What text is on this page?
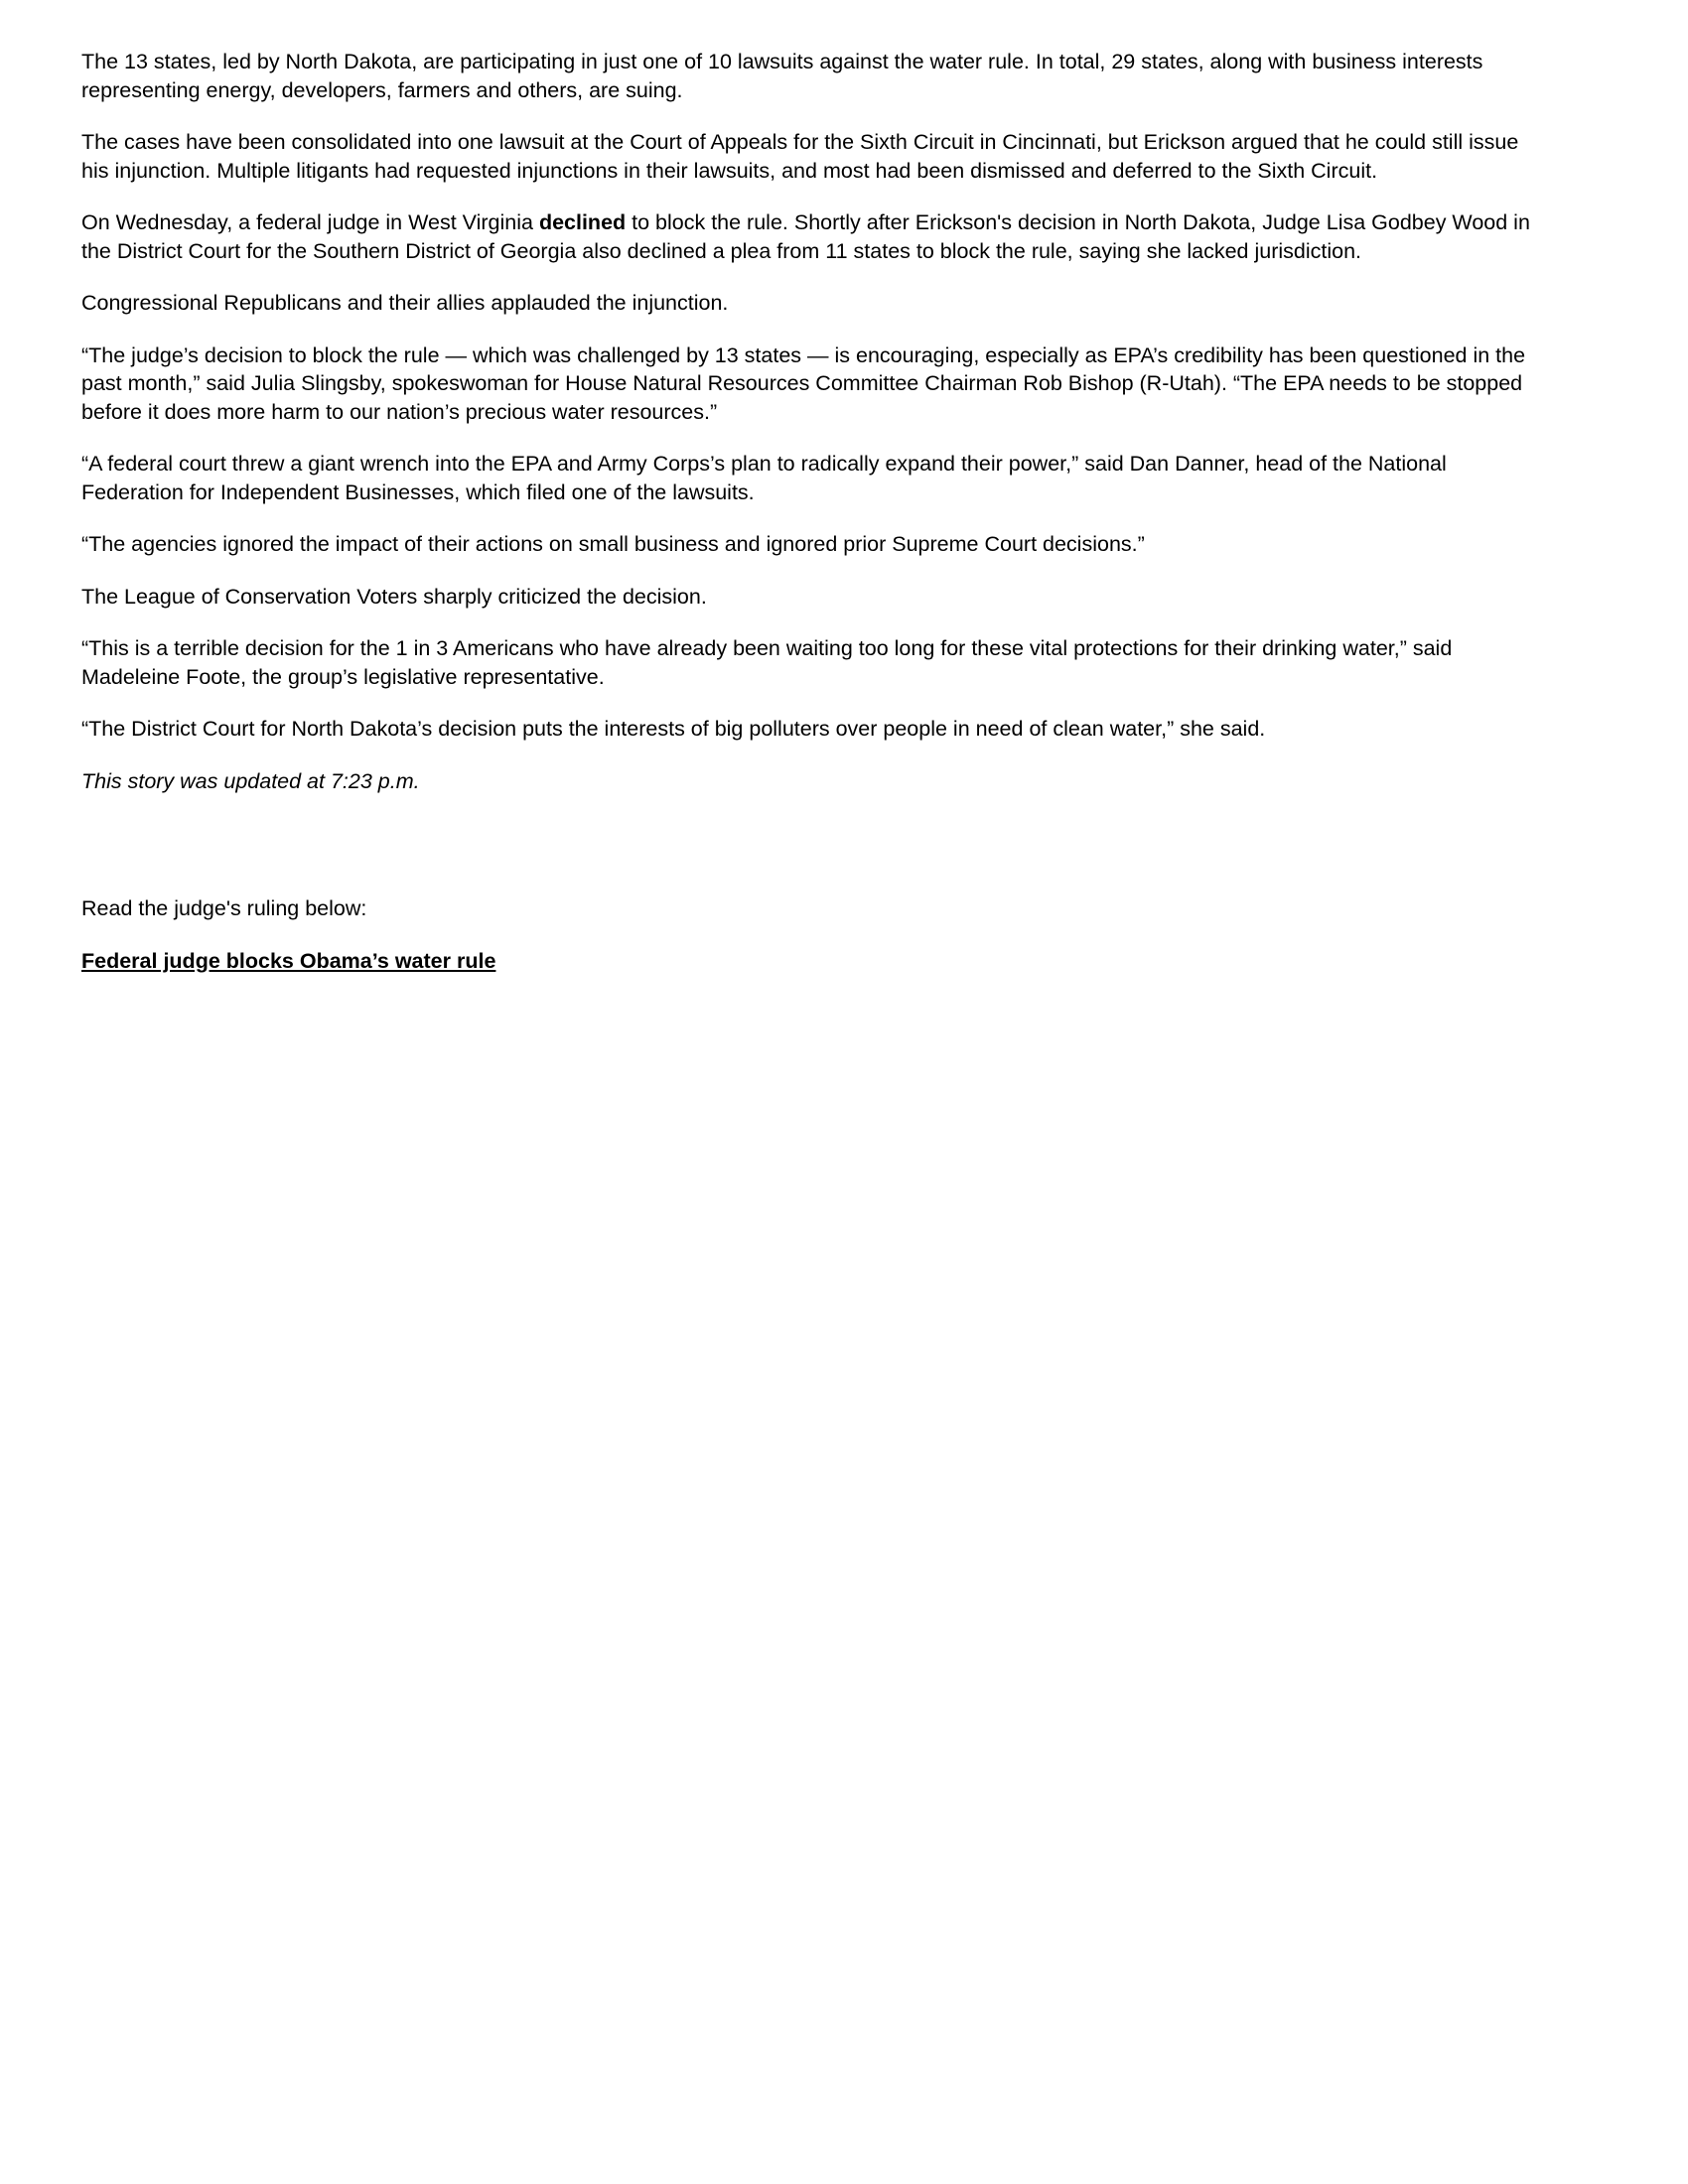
The 13 states, led by North Dakota, are participating in just one of 10 lawsuits against the water rule. In total, 29 states, along with business interests representing energy, developers, farmers and others, are suing.

The cases have been consolidated into one lawsuit at the Court of Appeals for the Sixth Circuit in Cincinnati, but Erickson argued that he could still issue his injunction. Multiple litigants had requested injunctions in their lawsuits, and most had been dismissed and deferred to the Sixth Circuit.

On Wednesday, a federal judge in West Virginia declined to block the rule. Shortly after Erickson's decision in North Dakota, Judge Lisa Godbey Wood in the District Court for the Southern District of Georgia also declined a plea from 11 states to block the rule, saying she lacked jurisdiction.

Congressional Republicans and their allies applauded the injunction.

“The judge’s decision to block the rule — which was challenged by 13 states — is encouraging, especially as EPA’s credibility has been questioned in the past month,” said Julia Slingsby, spokeswoman for House Natural Resources Committee Chairman Rob Bishop (R-Utah). “The EPA needs to be stopped before it does more harm to our nation’s precious water resources.”

“A federal court threw a giant wrench into the EPA and Army Corps’s plan to radically expand their power,” said Dan Danner, head of the National Federation for Independent Businesses, which filed one of the lawsuits.

“The agencies ignored the impact of their actions on small business and ignored prior Supreme Court decisions.”

The League of Conservation Voters sharply criticized the decision.

“This is a terrible decision for the 1 in 3 Americans who have already been waiting too long for these vital protections for their drinking water,” said Madeleine Foote, the group’s legislative representative.

“The District Court for North Dakota’s decision puts the interests of big polluters over people in need of clean water,” she said.

This story was updated at 7:23 p.m.

Read the judge's ruling below:

Federal judge blocks Obama’s water rule
